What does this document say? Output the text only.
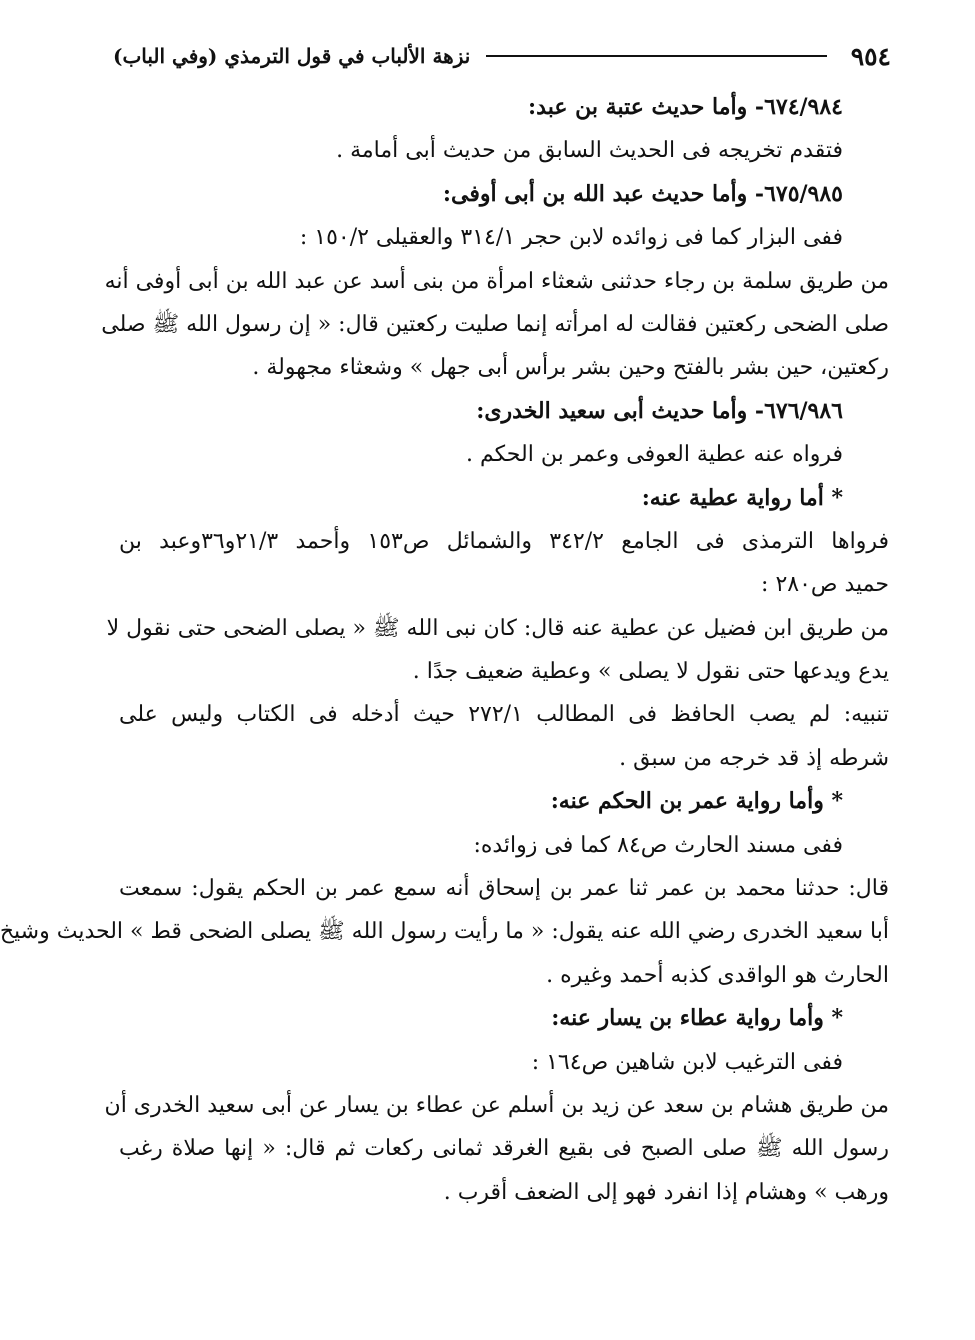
٩٥٤
نزهة الألباب في قول الترمذي (وفي الباب)
٦٧٤/٩٨٤- وأما حديث عتبة بن عبد:
فتقدم تخريجه فى الحديث السابق من حديث أبى أمامة .
٦٧٥/٩٨٥- وأما حديث عبد الله بن أبى أوفى:
ففى البزار كما فى زوائده لابن حجر ٣١٤/١ والعقيلى ١٥٠/٢ :
من طريق سلمة بن رجاء حدثنى شعثاء امرأة من بنى أسد عن عبد الله بن أبى أوفى أنه
صلى الضحى ركعتين فقالت له امرأته إنما صليت ركعتين قال: « إن رسول الله ﷺ صلى
ركعتين، حين بشر بالفتح وحين بشر برأس أبى جهل » وشعثاء مجهولة .
٦٧٦/٩٨٦- وأما حديث أبى سعيد الخدرى:
فرواه عنه عطية العوفى وعمر بن الحكم .
* أما رواية عطية عنه:
فرواها الترمذى فى الجامع ٣٤٢/٢ والشمائل ص١٥٣ وأحمد ٢١/٣و٣٦وعبد بن
حميد ص٢٨٠ :
من طريق ابن فضيل عن عطية عنه قال: كان نبى الله ﷺ « يصلى الضحى حتى نقول لا
يدع ويدعها حتى نقول لا يصلى » وعطية ضعيف جدًا .
تنبيه: لم يصب الحافظ فى المطالب ٢٧٢/١ حيث أدخله فى الكتاب وليس على
شرطه إذ قد خرجه من سبق .
* وأما رواية عمر بن الحكم عنه:
ففى مسند الحارث ص٨٤ كما فى زوائده:
قال: حدثنا محمد بن عمر ثنا عمر بن إسحاق أنه سمع عمر بن الحكم يقول: سمعت
أبا سعيد الخدرى رضي الله عنه يقول: « ما رأيت رسول الله ﷺ يصلى الضحى قط » الحديث وشيخ
الحارث هو الواقدى كذبه أحمد وغيره .
* وأما رواية عطاء بن يسار عنه:
ففى الترغيب لابن شاهين ص١٦٤ :
من طريق هشام بن سعد عن زيد بن أسلم عن عطاء بن يسار عن أبى سعيد الخدرى أن
رسول الله ﷺ صلى الصبح فى بقيع الغرقد ثمانى ركعات ثم قال: « إنها صلاة رغب
ورهب » وهشام إذا انفرد فهو إلى الضعف أقرب .
